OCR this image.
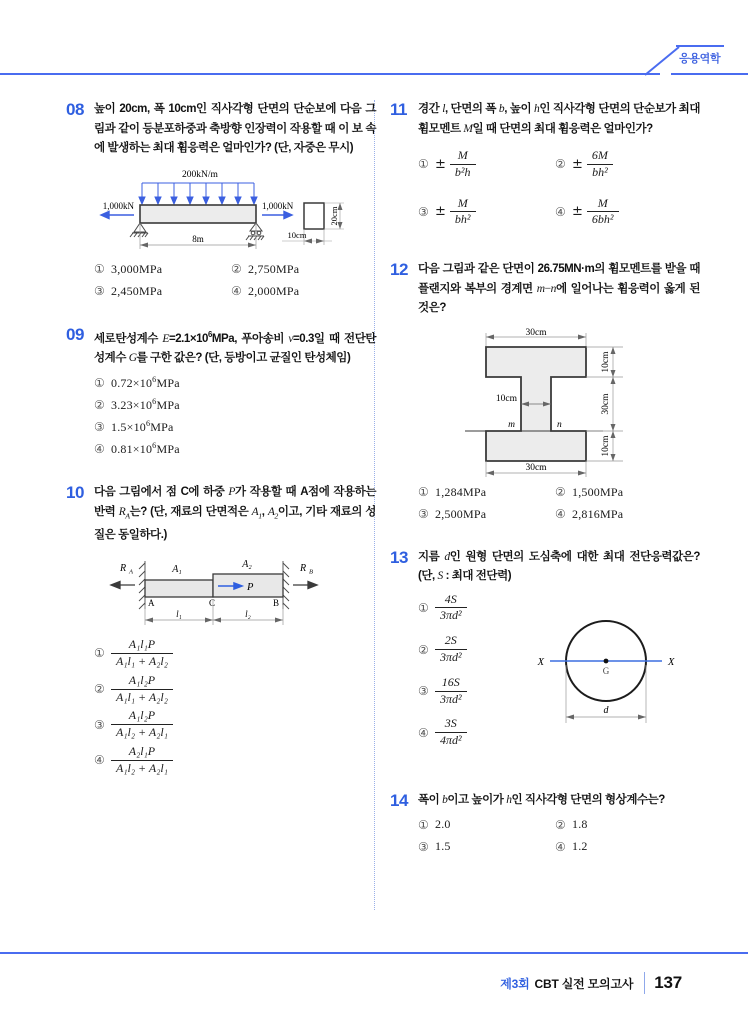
응용역학
08 높이 20cm, 폭 10cm인 직사각형 단면의 단순보에 다음 그림과 같이 등분포하중과 축방향 인장력이 작용할 때 이 보 속에 발생하는 최대 휨응력은 얼마인가? (단, 자중은 무시)
200kN/m
1,000kN	1,000kN
8m
20cm
10cm
① 3,000MPa	② 2,750MPa
③ 2,450MPa	④ 2,000MPa
09 세로탄성계수 $E=2.1\times 10^6MPa$, 푸아송비 ν=0.3일 때 전단탄성계수 G를 구한 값은? (단, 등방이고 균질인 탄성체임)
① $0.72\times 10^6MPa$
② $3.23\times 10^6MPa$
③ $1.5\times 10^6MPa$
④ $0.81\times 10^6MPa$
10 다음 그림에서 점 C에 하중 P가 작용할 때 A점에 작용하는 반력 $R_A$는? (단, 재료의 단면적은 $A_1$, $A_2$이고, 기타 재료의 성질은 동일하다.)
A₁	A₂
P
R A	R B
A	C	B
l₁	l₂
① $\frac{\text{A₁l₁P}}{\text{A₁l₁ + A₂l₂}}$
② $\frac{\text{A₁l₂P}}{\text{A₁l₁ + A₂l₂}}$
③ $\frac{\text{A₁l₂P}}{\text{A₁l₂ + A₂l₁}}$
④ $\frac{\text{A₂l₁P}}{\text{A₁l₂ + A₂l₁}}$
11 경간 l, 단면의 폭 b, 높이 h인 직사각형 단면의 단순보가 최대 휨모멘트 M일 때 단면의 최대 휨응력은 얼마인가?
① ± $\frac{M}{\text{b²h}}$	② ± $\frac{6M}{\text{bh²}}$
③ ± $\frac{M}{\text{bh²}}$	④ ± $\frac{M}{\text{6bh²}}$
12 다음 그림과 같은 단면이 26.75MN·m의 휨모멘트를 받을 때 플랜지와 복부의 경계면 m−n에 일어나는 휨응력이 옳게 된 것은?
30cm
m	n
10cm
10cm
30cm
10cm
30cm
① 1,284MPa	② 1,500MPa
③ 2,500MPa	④ 2,816MPa
13 지름 d인 원형 단면의 도심축에 대한 최대 전단응력값은? (단, S : 최대 전단력)
① $\frac{4S}{\text{3πd²}}$
② $\frac{2S}{\text{3πd²}}$
③ $\frac{16S}{\text{3πd²}}$
④ $\frac{3S}{\text{4πd²}}$
X	X
G
d
14 폭이 b이고 높이가 h인 직사각형 단면의 형상계수는?
① 2.0	② 1.8
③ 1.5	④ 1.2
제3회 CBT 실전 모의고사 137
